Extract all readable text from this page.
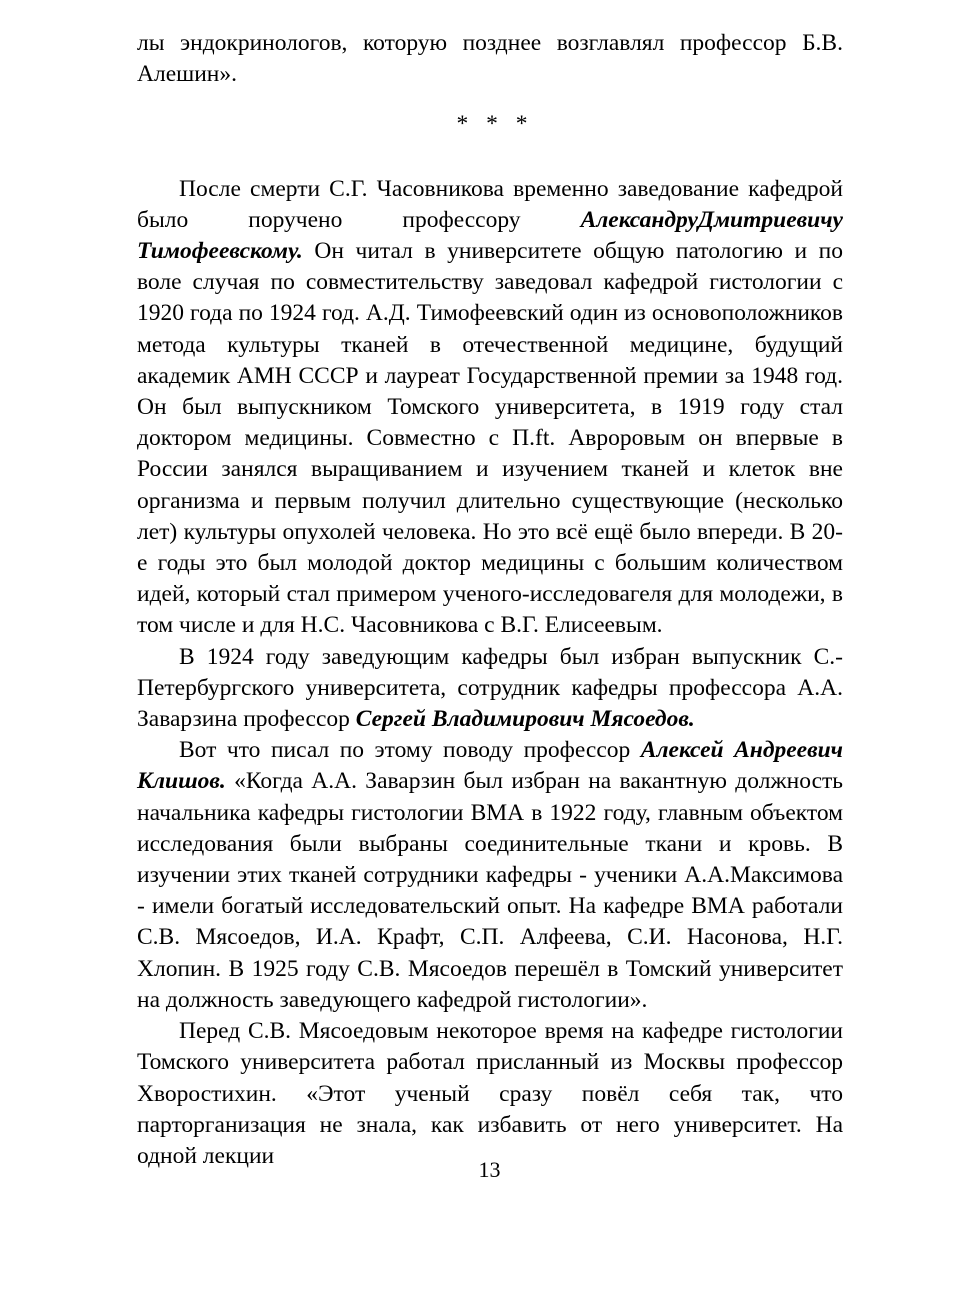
лы эндокринологов, которую позднее возглавлял профессор Б.В. Алешин».

* * *

После смерти С.Г. Часовникова временно заведование кафедрой было поручено профессору АлександруДмитриевичу Тимофеевскому. Он читал в университете общую патологию и по воле случая по совместительству заведовал кафедрой гистологии с 1920 года по 1924 год. А.Д. Тимофеевский один из основоположников метода культуры тканей в отечественной медицине, будущий академик АМН СССР и лауреат Государственной премии за 1948 год. Он был выпускником Томского университета, в 1919 году стал доктором медицины. Совместно с П.ft. Авроровым он впервые в России занялся выращиванием и изучением тканей и клеток вне организма и первым получил длительно существующие (несколько лет) культуры опухолей человека. Но это всё ещё было впереди. В 20-е годы это был молодой доктор медицины с большим количеством идей, который стал примером ученого-исследовагеля для молодежи, в том числе и для Н.С. Часовникова с В.Г. Елисеевым.

В 1924 году заведующим кафедры был избран выпускник С.-Петербургского университета, сотрудник кафедры профессора А.А. Заварзина профессор Сергей Владимирович Мясоедов.

Вот что писал по этому поводу профессор Алексей Андреевич Клишов. «Когда А.А. Заварзин был избран на вакантную должность начальника кафедры гистологии ВМА в 1922 году, главным объектом исследования были выбраны соединительные ткани и кровь. В изучении этих тканей сотрудники кафедры - ученики А.А.Максимова - имели богатый исследовательский опыт. На кафедре ВМА работали С.В. Мясоедов, И.А. Крафт, С.П. Алфеева, С.И. Насонова, Н.Г. Хлопин. В 1925 году С.В. Мясоедов перешёл в Томский университет на должность заведующего кафедрой гистологии».

Перед С.В. Мясоедовым некоторое время на кафедре гистологии Томского университета работал присланный из Москвы профессор Хворостихин. «Этот ученый сразу повёл себя так, что парторганизация не знала, как избавить от него университет. На одной лекции

13
